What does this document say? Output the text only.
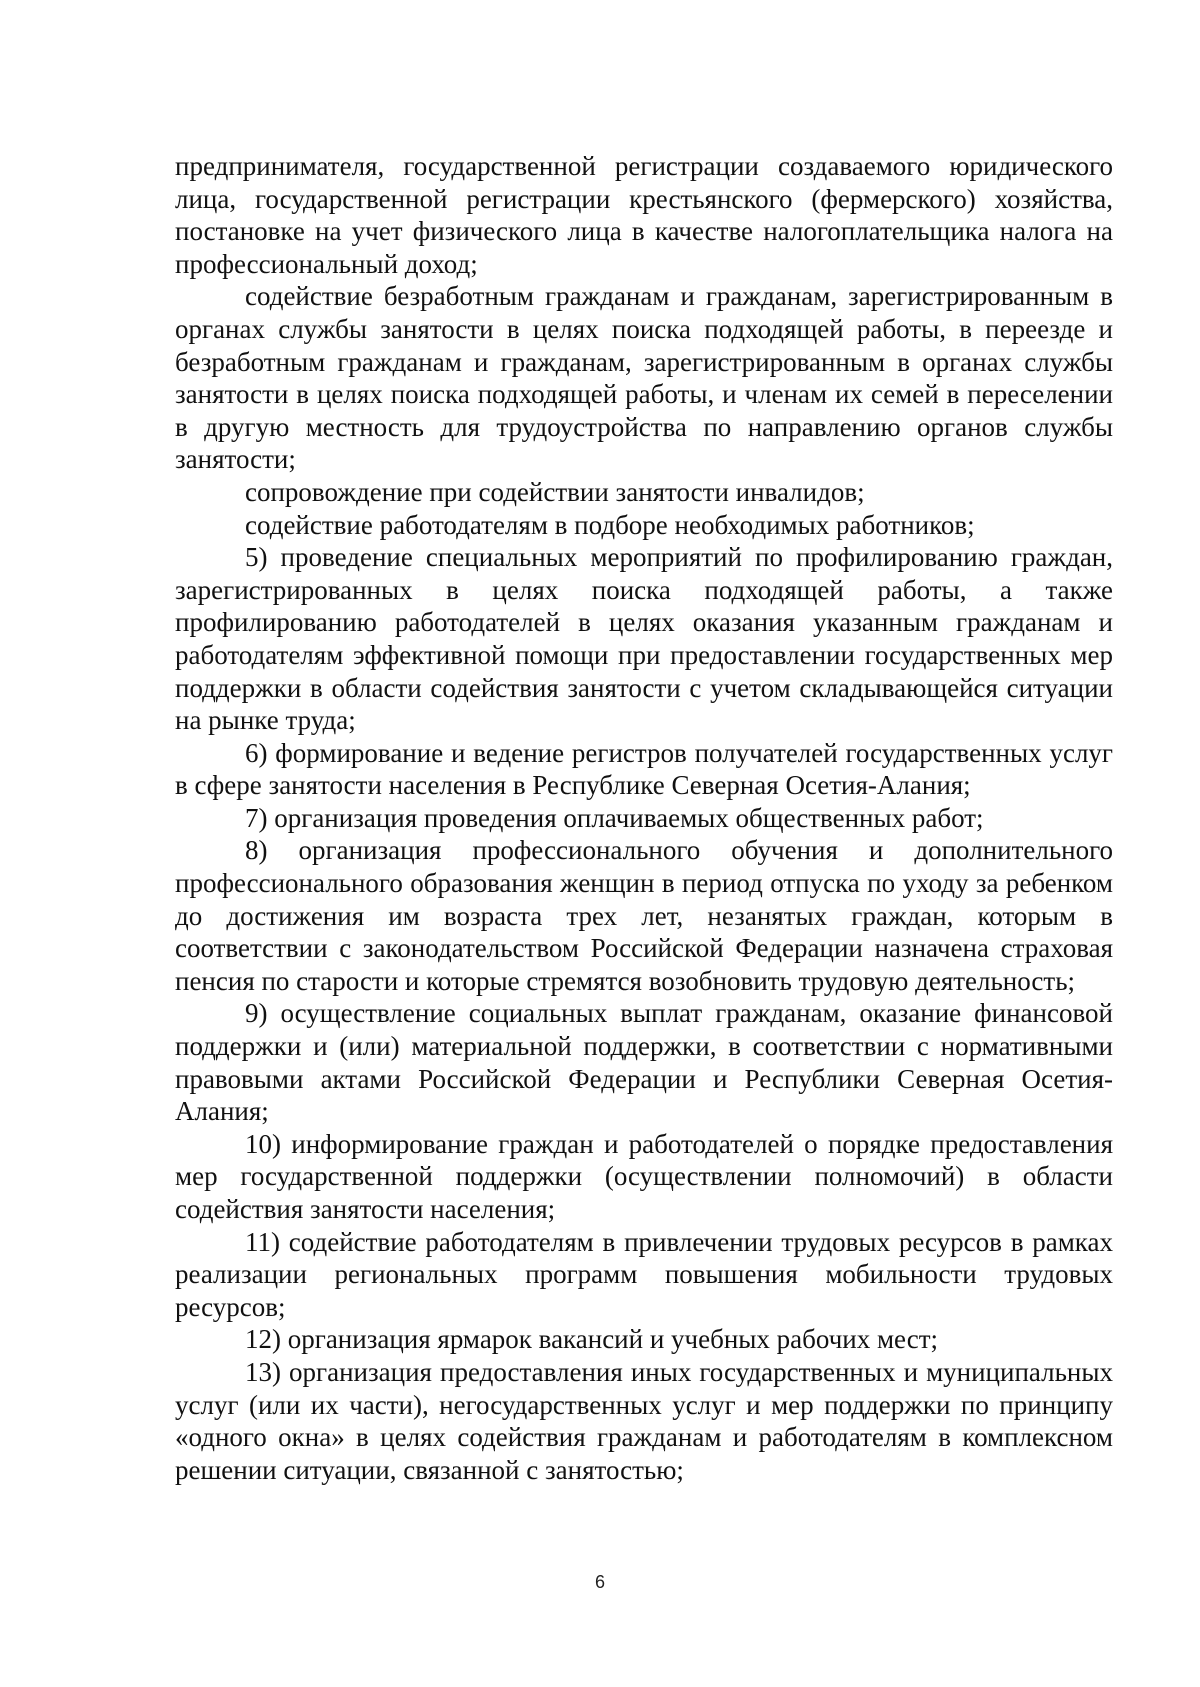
предпринимателя, государственной регистрации создаваемого юридического лица, государственной регистрации крестьянского (фермерского) хозяйства, постановке на учет физического лица в качестве налогоплательщика налога на профессиональный доход;

содействие безработным гражданам и гражданам, зарегистрированным в органах службы занятости в целях поиска подходящей работы, в переезде и безработным гражданам и гражданам, зарегистрированным в органах службы занятости в целях поиска подходящей работы, и членам их семей в переселении в другую местность для трудоустройства по направлению органов службы занятости;

сопровождение при содействии занятости инвалидов;

содействие работодателям в подборе необходимых работников;

5) проведение специальных мероприятий по профилированию граждан, зарегистрированных в целях поиска подходящей работы, а также профилированию работодателей в целях оказания указанным гражданам и работодателям эффективной помощи при предоставлении государственных мер поддержки в области содействия занятости с учетом складывающейся ситуации на рынке труда;

6) формирование и ведение регистров получателей государственных услуг в сфере занятости населения в Республике Северная Осетия-Алания;

7) организация проведения оплачиваемых общественных работ;

8) организация профессионального обучения и дополнительного профессионального образования женщин в период отпуска по уходу за ребенком до достижения им возраста трех лет, незанятых граждан, которым в соответствии с законодательством Российской Федерации назначена страховая пенсия по старости и которые стремятся возобновить трудовую деятельность;

9) осуществление социальных выплат гражданам, оказание финансовой поддержки и (или) материальной поддержки, в соответствии с нормативными правовыми актами Российской Федерации и Республики Северная Осетия-Алания;

10) информирование граждан и работодателей о порядке предоставления мер государственной поддержки (осуществлении полномочий) в области содействия занятости населения;

11) содействие работодателям в привлечении трудовых ресурсов в рамках реализации региональных программ повышения мобильности трудовых ресурсов;

12) организация ярмарок вакансий и учебных рабочих мест;

13) организация предоставления иных государственных и муниципальных услуг (или их части), негосударственных услуг и мер поддержки по принципу «одного окна» в целях содействия гражданам и работодателям в комплексном решении ситуации, связанной с занятостью;

6
